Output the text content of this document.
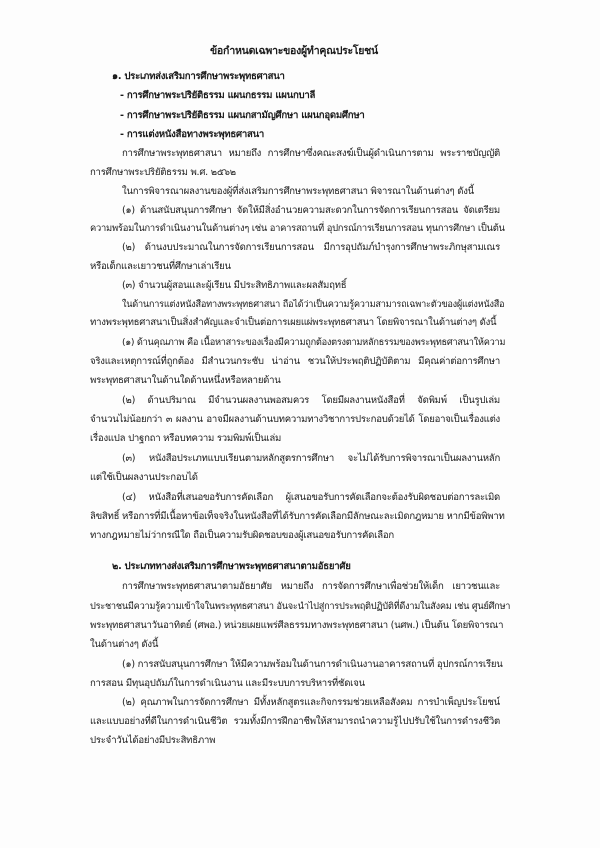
ข้อกำหนดเฉพาะของผู้ทำคุณประโยชน์
๑. ประเภทส่งเสริมการศึกษาพระพุทธศาสนา
- การศึกษาพระปริยัติธรรม แผนกธรรม แผนกบาลี
- การศึกษาพระปริยัติธรรม แผนกสามัญศึกษา แผนกอุดมศึกษา
- การแต่งหนังสือทางพระพุทธศาสนา
การศึกษาพระพุทธศาสนา หมายถึง การศึกษาซึ่งคณะสงฆ์เป็นผู้ดำเนินการตาม พระราชบัญญัติ
การศึกษาพระปริยัติธรรม พ.ศ. ๒๕๖๒
ในการพิจารณาผลงานของผู้ที่ส่งเสริมการศึกษาพระพุทธศาสนา พิจารณาในด้านต่างๆ ดังนี้
(๑) ด้านสนับสนุนการศึกษา จัดให้มีสิ่งอำนวยความสะดวกในการจัดการเรียนการสอน จัดเตรียม
ความพร้อมในการดำเนินงานในด้านต่างๆ เช่น อาคารสถานที่ อุปกรณ์การเรียนการสอน ทุนการศึกษา เป็นต้น
(๒) ด้านงบประมาณในการจัดการเรียนการสอน มีการอุปถัมภ์บำรุงการศึกษาพระภิกษุสามเณร
หรือเด็กและเยาวชนที่ศึกษาเล่าเรียน
(๓) จำนวนผู้สอนและผู้เรียน มีประสิทธิภาพและผลสัมฤทธิ์
ในด้านการแต่งหนังสือทางพระพุทธศาสนา ถือได้ว่าเป็นความรู้ความสามารถเฉพาะตัวของผู้แต่งหนังสือ
ทางพระพุทธศาสนาเป็นสิ่งสำคัญและจำเป็นต่อการเผยแผ่พระพุทธศาสนา โดยพิจารณาในด้านต่างๆ ดังนี้
(๑) ด้านคุณภาพ คือ เนื้อหาสาระของเรื่องมีความถูกต้องตรงตามหลักธรรมของพระพุทธศาสนาให้ความ
จริงและเหตุการณ์ที่ถูกต้อง มีสำนวนกระชับ น่าอ่าน ชวนให้ประพฤติปฏิบัติตาม มีคุณค่าต่อการศึกษา
พระพุทธศาสนาในด้านใดด้านหนึ่งหรือหลายด้าน
(๒) ด้านปริมาณ มีจำนวนผลงานพอสมควร โดยมีผลงานหนังสือที่ จัดพิมพ์ เป็นรูปเล่ม
จำนวนไม่น้อยกว่า ๓ ผลงาน อาจมีผลงานด้านบทความทางวิชาการประกอบด้วยได้ โดยอาจเป็นเรื่องแต่ง
เรื่องแปล ปาฐกถา หรือบทความ รวมพิมพ์เป็นเล่ม
(๓) หนังสือประเภทแบบเรียนตามหลักสูตรการศึกษา จะไม่ได้รับการพิจารณาเป็นผลงานหลัก
แต่ใช้เป็นผลงานประกอบได้
(๔) หนังสือที่เสนอขอรับการคัดเลือก ผู้เสนอขอรับการคัดเลือกจะต้องรับผิดชอบต่อการละเมิด
ลิขสิทธิ์ หรือการที่มีเนื้อหาข้อเท็จจริงในหนังสือที่ได้รับการคัดเลือกมีลักษณะละเมิดกฎหมาย หากมีข้อพิพาท
ทางกฎหมายไม่ว่ากรณีใด ถือเป็นความรับผิดชอบของผู้เสนอขอรับการคัดเลือก
๒. ประเภททางส่งเสริมการศึกษาพระพุทธศาสนาตามอัธยาศัย
การศึกษาพระพุทธศาสนาตามอัธยาศัย หมายถึง การจัดการศึกษาเพื่อช่วยให้เด็ก เยาวชนและ
ประชาชนมีความรู้ความเข้าใจในพระพุทธศาสนา อันจะนำไปสู่การประพฤติปฏิบัติที่ดีงามในสังคม เช่น ศูนย์ศึกษา
พระพุทธศาสนาวันอาทิตย์ (ศพอ.) หน่วยเผยแพร่ศีลธรรมทางพระพุทธศาสนา (นศพ.) เป็นต้น โดยพิจารณา
ในด้านต่างๆ ดังนี้
(๑) การสนับสนุนการศึกษา ให้มีความพร้อมในด้านการดำเนินงานอาคารสถานที่ อุปกรณ์การเรียน
การสอน มีทุนอุปถัมภ์ในการดำเนินงาน และมีระบบการบริหารที่ชัดเจน
(๒) คุณภาพในการจัดการศึกษา มีทั้งหลักสูตรและกิจกรรมช่วยเหลือสังคม การบำเพ็ญประโยชน์
และแบบอย่างที่ดีในการดำเนินชีวิต รวมทั้งมีการฝึกอาชีพให้สามารถนำความรู้ไปปรับใช้ในการดำรงชีวิต
ประจำวันได้อย่างมีประสิทธิภาพ
